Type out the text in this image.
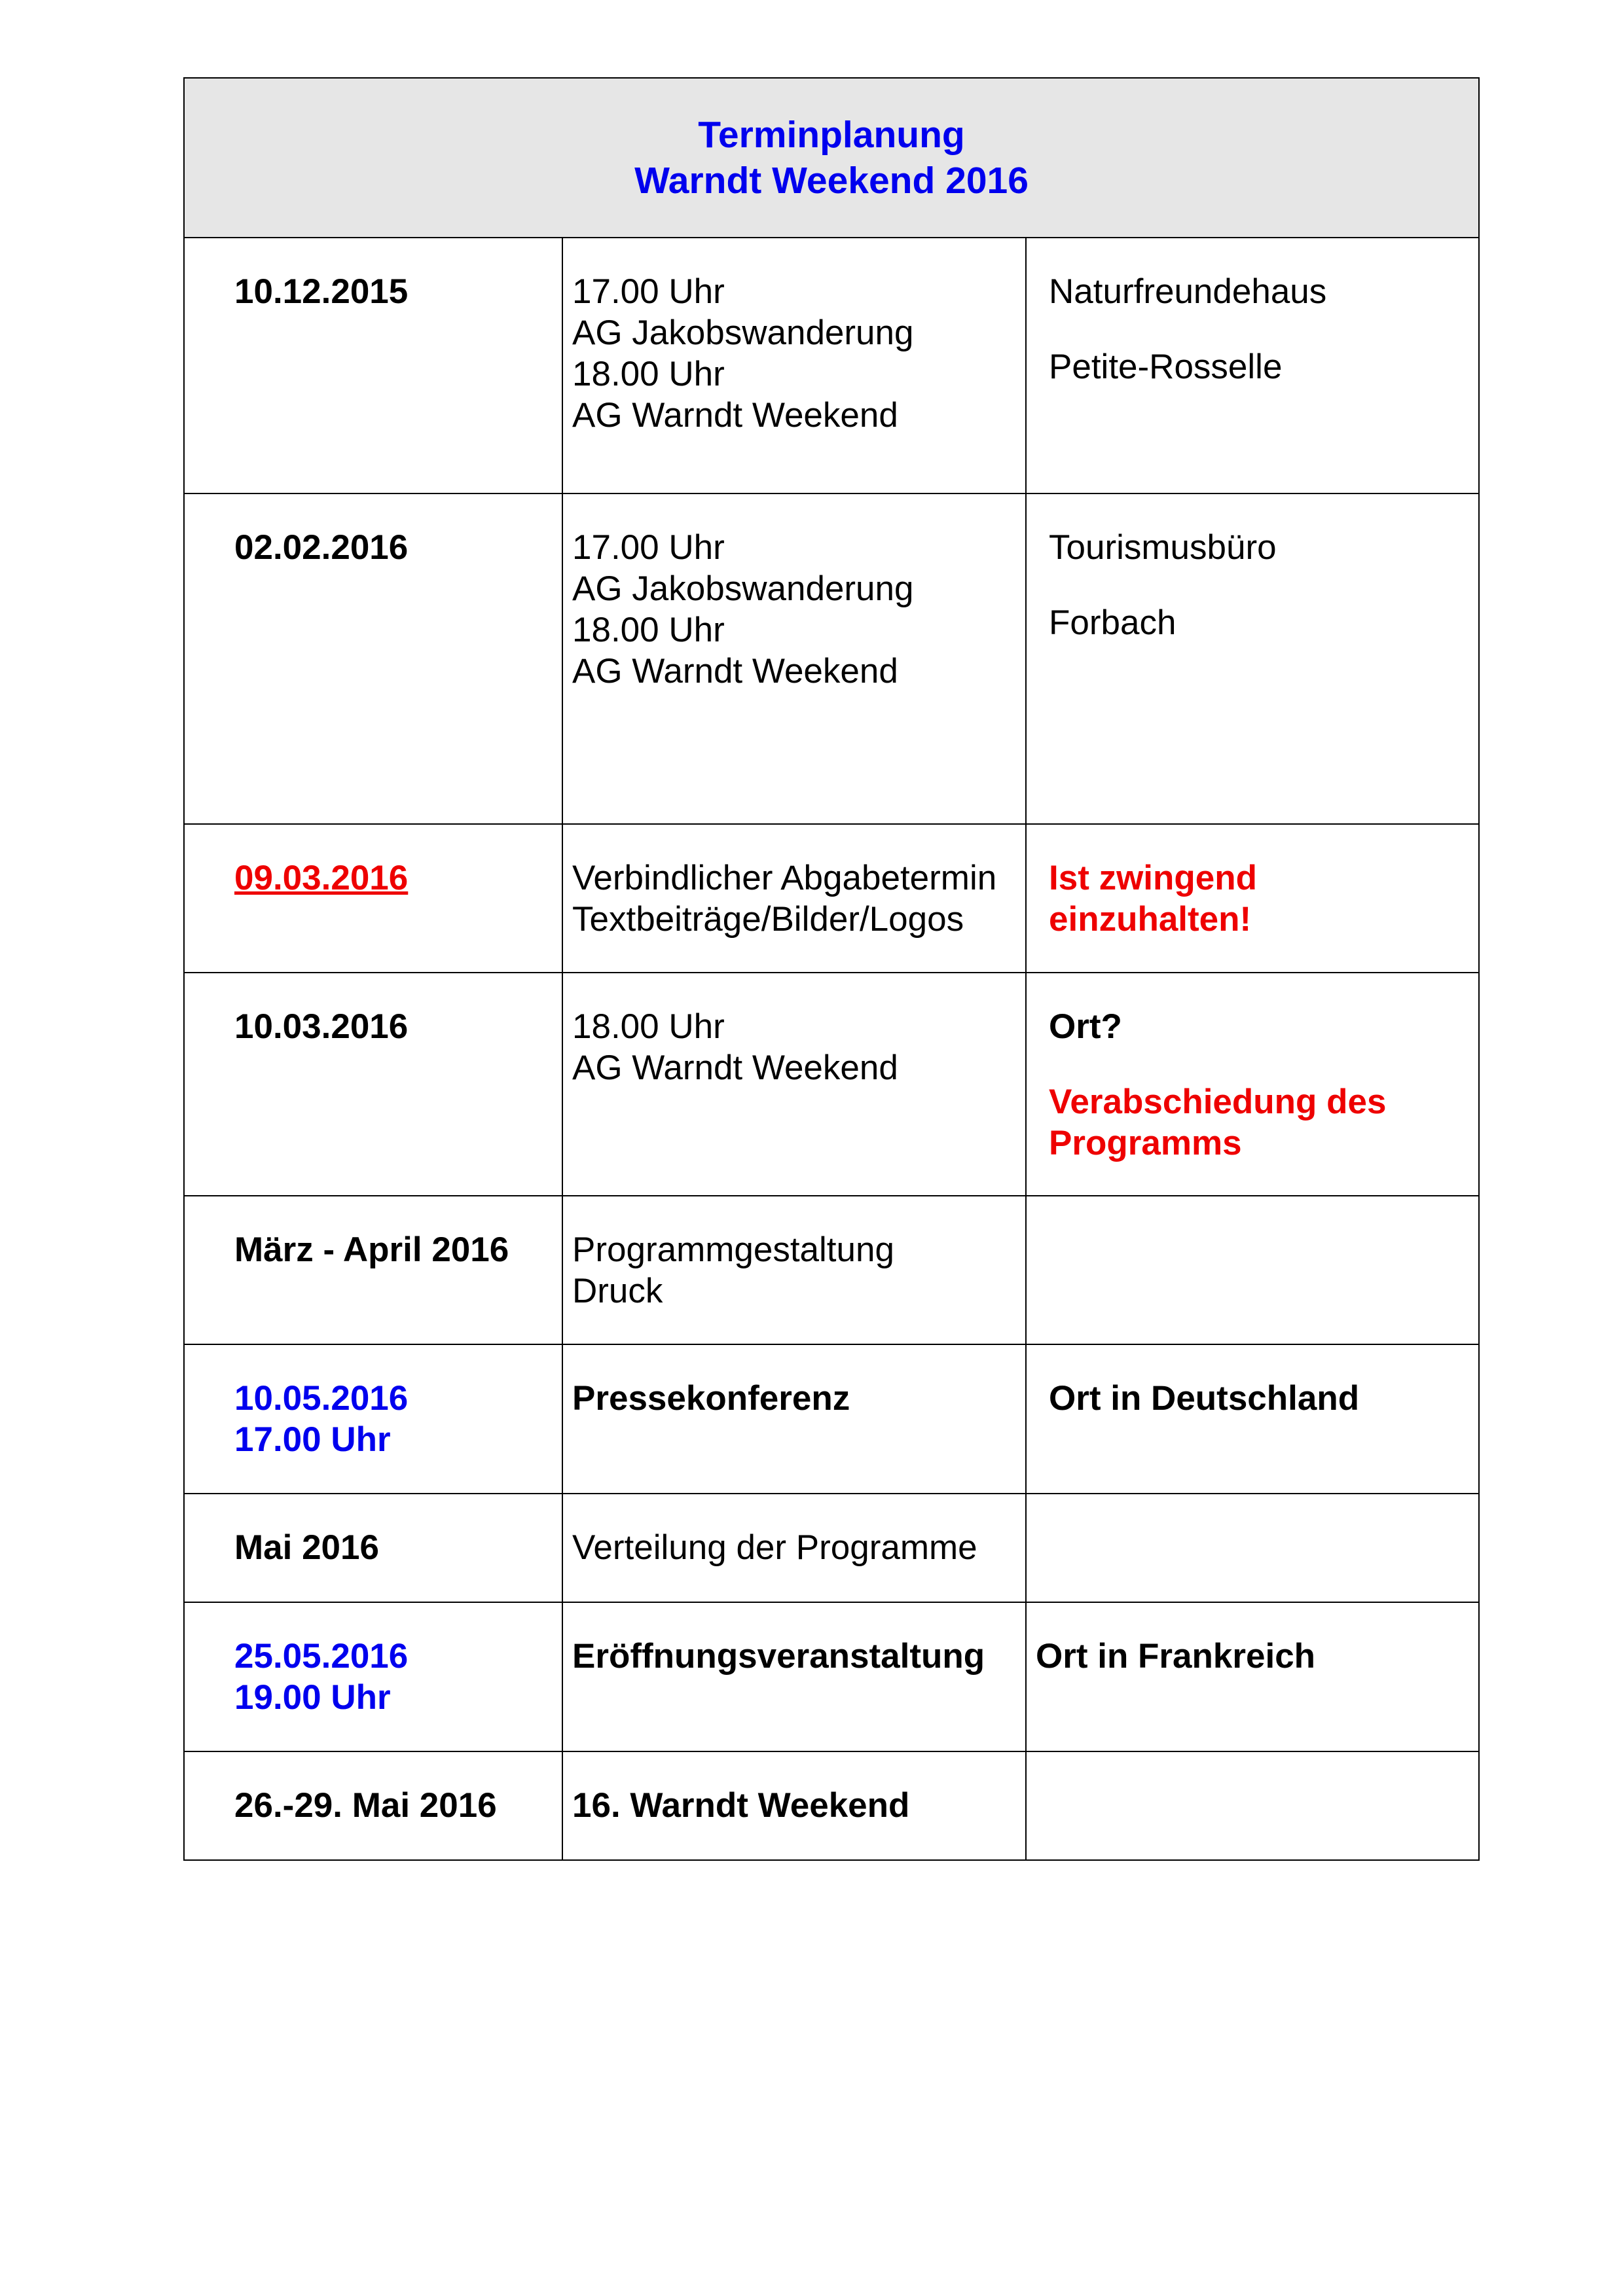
Terminplanung
Warndt Weekend 2016		

10.12.2015	17.00 Uhr
AG Jakobswanderung
18.00 Uhr
AG Warndt Weekend	Naturfreundehaus
Petite-Rosselle

02.02.2016	17.00 Uhr
AG Jakobswanderung
18.00 Uhr
AG Warndt Weekend	Tourismusbüro
Forbach

09.03.2016	Verbindlicher Abgabetermin
Textbeiträge/Bilder/Logos	Ist zwingend
einzuhalten!

10.03.2016	18.00 Uhr
AG Warndt Weekend	Ort?
Verabschiedung des
Programms

März - April 2016	Programmgestaltung
Druck	

10.05.2016
17.00 Uhr	Pressekonferenz	Ort in Deutschland

Mai 2016	Verteilung der Programme	

25.05.2016
19.00 Uhr	Eröffnungsveranstaltung	Ort in Frankreich

26.-29. Mai 2016	16. Warndt Weekend	
